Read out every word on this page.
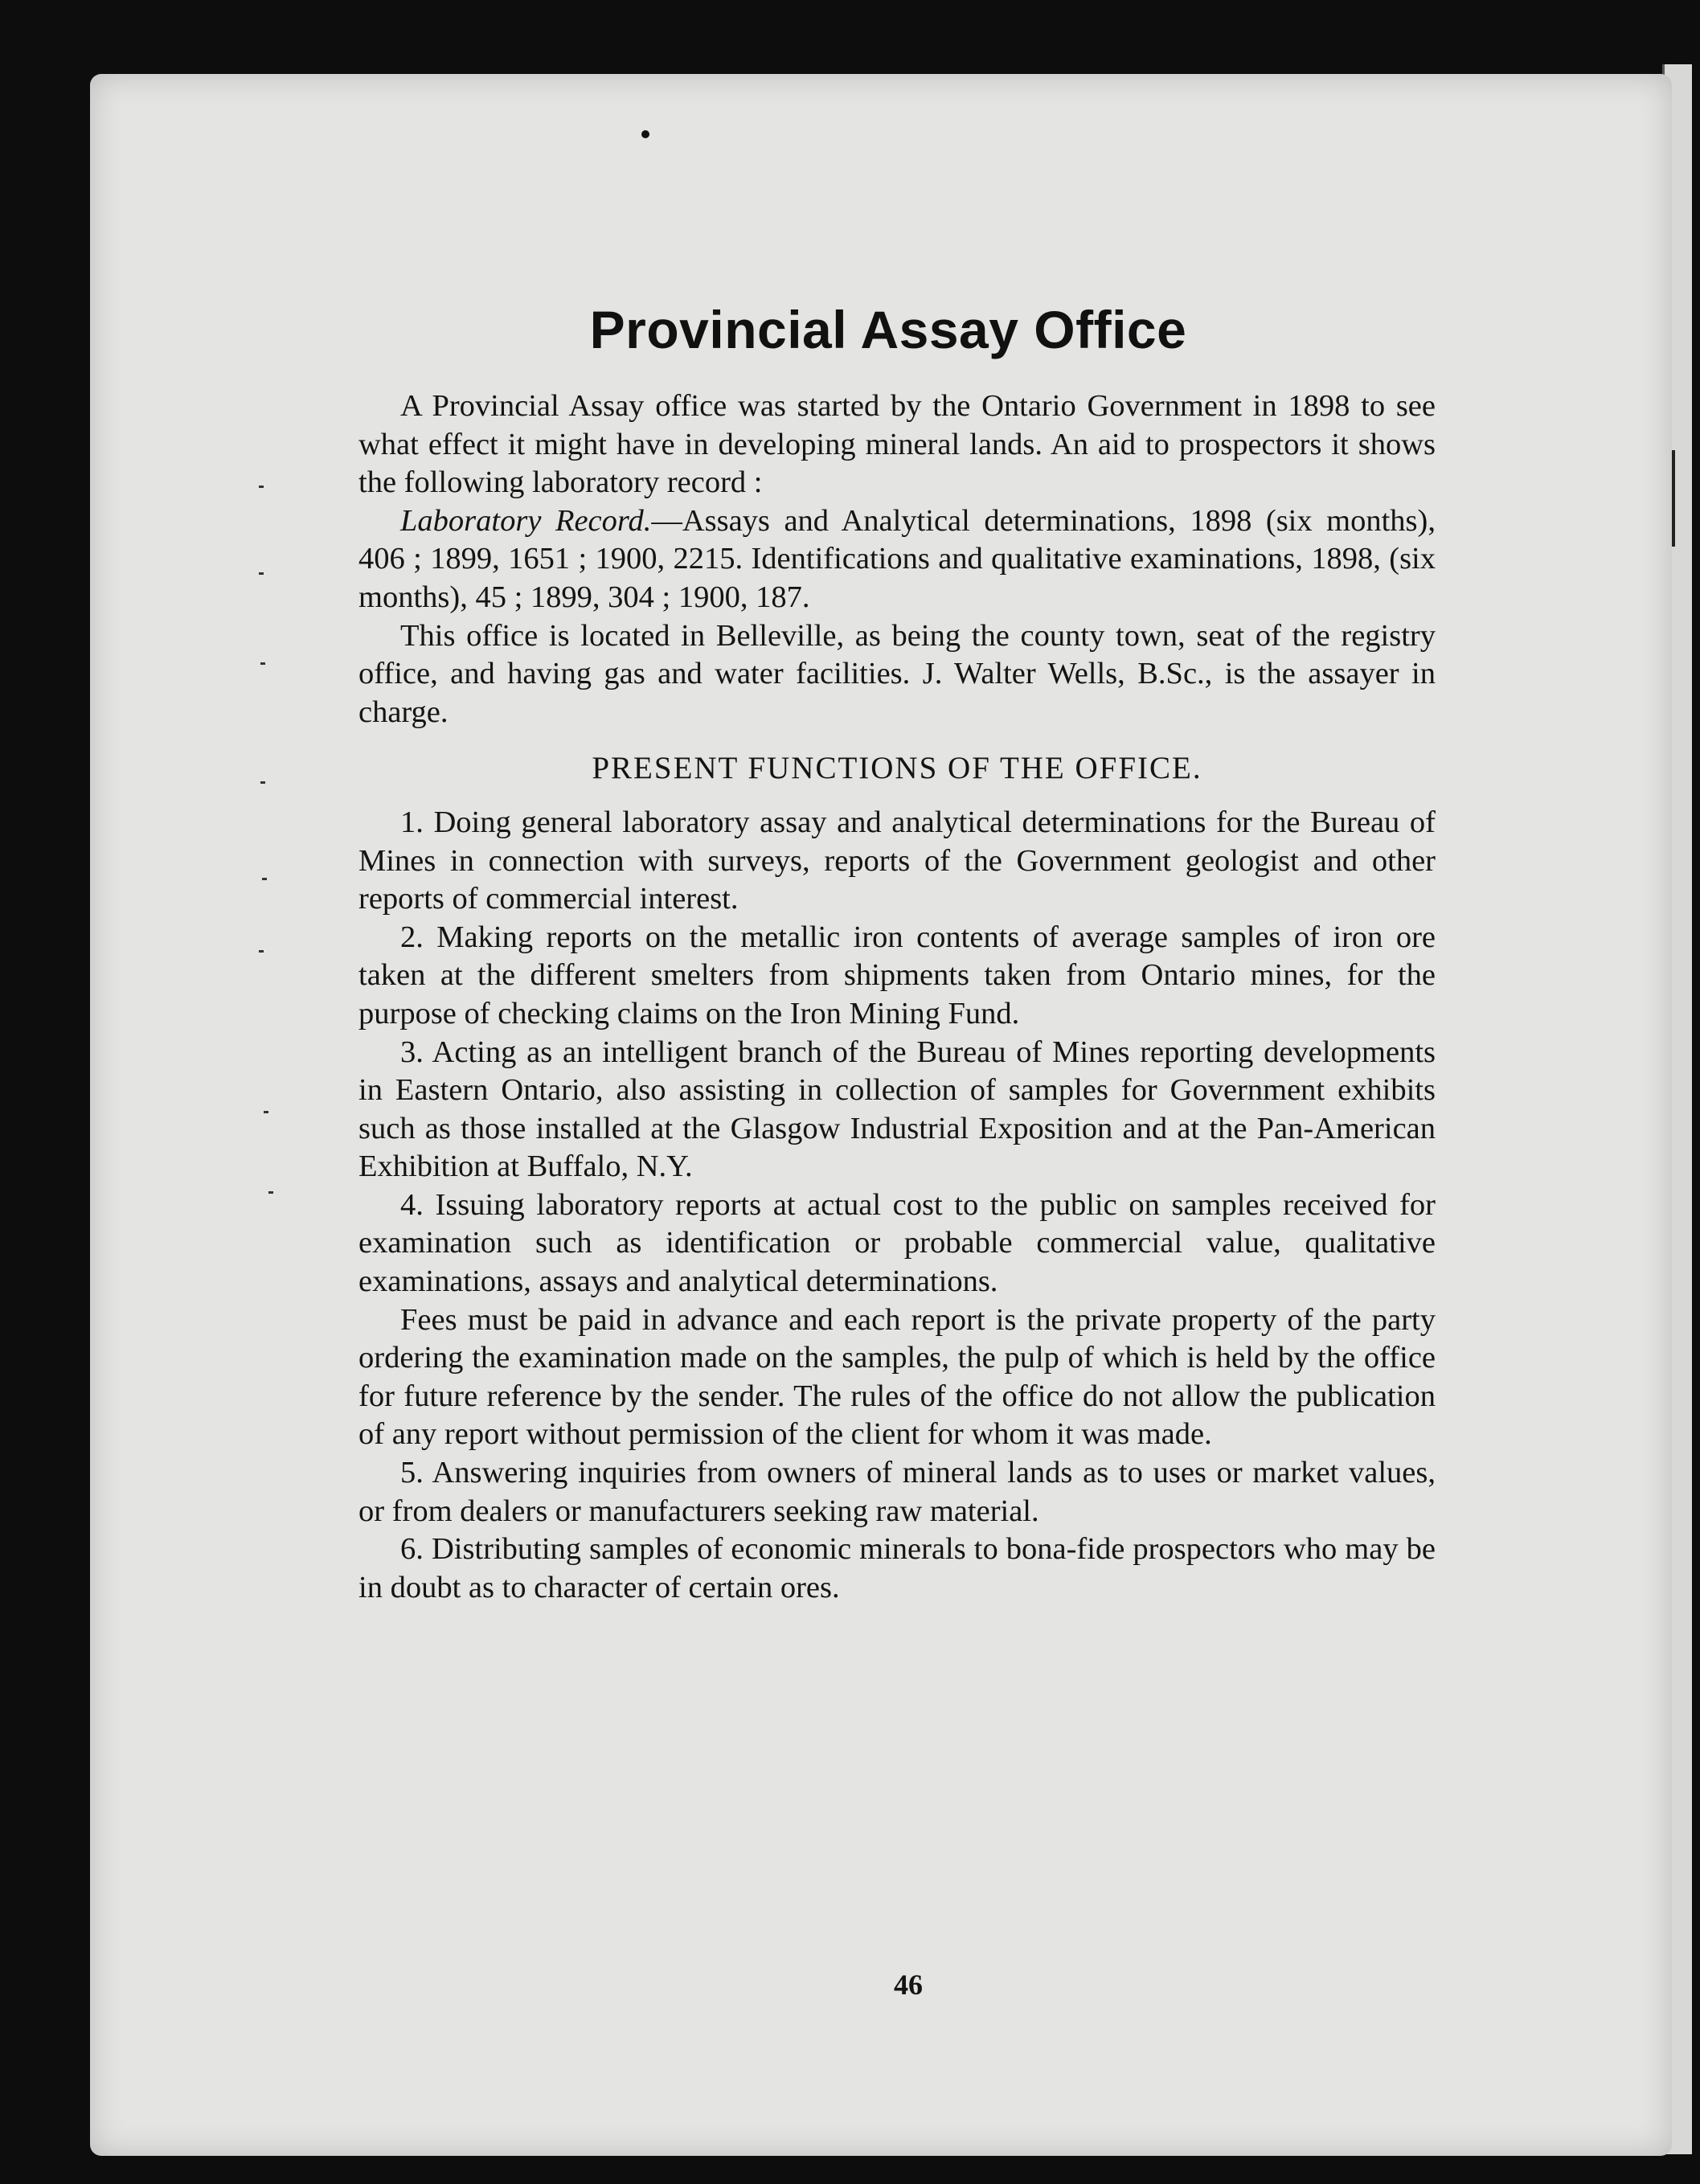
Provincial Assay Office

A Provincial Assay office was started by the Ontario Government in 1898 to see what effect it might have in developing mineral lands. An aid to prospectors it shows the following laboratory record :

Laboratory Record.—Assays and Analytical determinations, 1898 (six months), 406 ; 1899, 1651 ; 1900, 2215. Identifications and qualitative examinations, 1898, (six months), 45 ; 1899, 304 ; 1900, 187.

This office is located in Belleville, as being the county town, seat of the registry office, and having gas and water facilities. J. Walter Wells, B.Sc., is the assayer in charge.

PRESENT FUNCTIONS OF THE OFFICE.

1. Doing general laboratory assay and analytical determinations for the Bureau of Mines in connection with surveys, reports of the Government geologist and other reports of commercial interest.

2. Making reports on the metallic iron contents of average samples of iron ore taken at the different smelters from shipments taken from Ontario mines, for the purpose of checking claims on the Iron Mining Fund.

3. Acting as an intelligent branch of the Bureau of Mines reporting developments in Eastern Ontario, also assisting in collection of samples for Government exhibits such as those installed at the Glasgow Industrial Exposition and at the Pan-American Exhibition at Buffalo, N.Y.

4. Issuing laboratory reports at actual cost to the public on samples received for examination such as identification or probable commercial value, qualitative examinations, assays and analytical determinations.

Fees must be paid in advance and each report is the private property of the party ordering the examination made on the samples, the pulp of which is held by the office for future reference by the sender. The rules of the office do not allow the publication of any report without permission of the client for whom it was made.

5. Answering inquiries from owners of mineral lands as to uses or market values, or from dealers or manufacturers seeking raw material.

6. Distributing samples of economic minerals to bona-fide prospectors who may be in doubt as to character of certain ores.

46
